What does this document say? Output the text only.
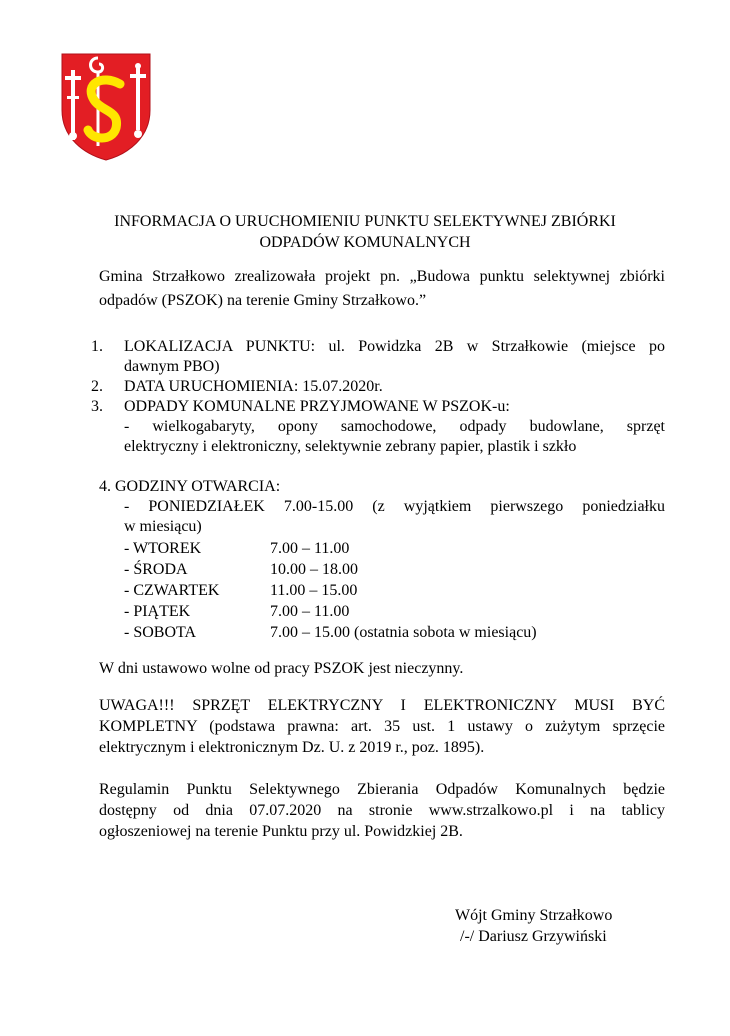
INFORMACJA O URUCHOMIENIU PUNKTU SELEKTYWNEJ ZBIÓRKI
ODPADÓW KOMUNALNYCH
Gmina Strzałkowo zrealizowała projekt pn. „Budowa punktu selektywnej zbiórki
odpadów (PSZOK) na terenie Gminy Strzałkowo.”
1. LOKALIZACJA PUNKTU: ul. Powidzka 2B w Strzałkowie (miejsce po
dawnym PBO)
2. DATA URUCHOMIENIA: 15.07.2020r.
3. ODPADY KOMUNALNE PRZYJMOWANE W PSZOK-u:
- wielkogabaryty, opony samochodowe, odpady budowlane, sprzęt
elektryczny i elektroniczny, selektywnie zebrany papier, plastik i szkło
4. GODZINY OTWARCIA:
- PONIEDZIAŁEK 7.00-15.00 (z wyjątkiem pierwszego poniedziałku
w miesiącu)
- WTOREK	7.00 – 11.00
- ŚRODA	10.00 – 18.00
- CZWARTEK	11.00 – 15.00
- PIĄTEK	7.00 – 11.00
- SOBOTA	7.00 – 15.00 (ostatnia sobota w miesiącu)
W dni ustawowo wolne od pracy PSZOK jest nieczynny.
UWAGA!!! SPRZĘT ELEKTRYCZNY I ELEKTRONICZNY MUSI BYĆ
KOMPLETNY (podstawa prawna: art. 35 ust. 1 ustawy o zużytym sprzęcie
elektrycznym i elektronicznym Dz. U. z 2019 r., poz. 1895).
Regulamin Punktu Selektywnego Zbierania Odpadów Komunalnych będzie
dostępny od dnia 07.07.2020 na stronie www.strzalkowo.pl i na tablicy
ogłoszeniowej na terenie Punktu przy ul. Powidzkiej 2B.
Wójt Gminy Strzałkowo
/-/ Dariusz Grzywiński
